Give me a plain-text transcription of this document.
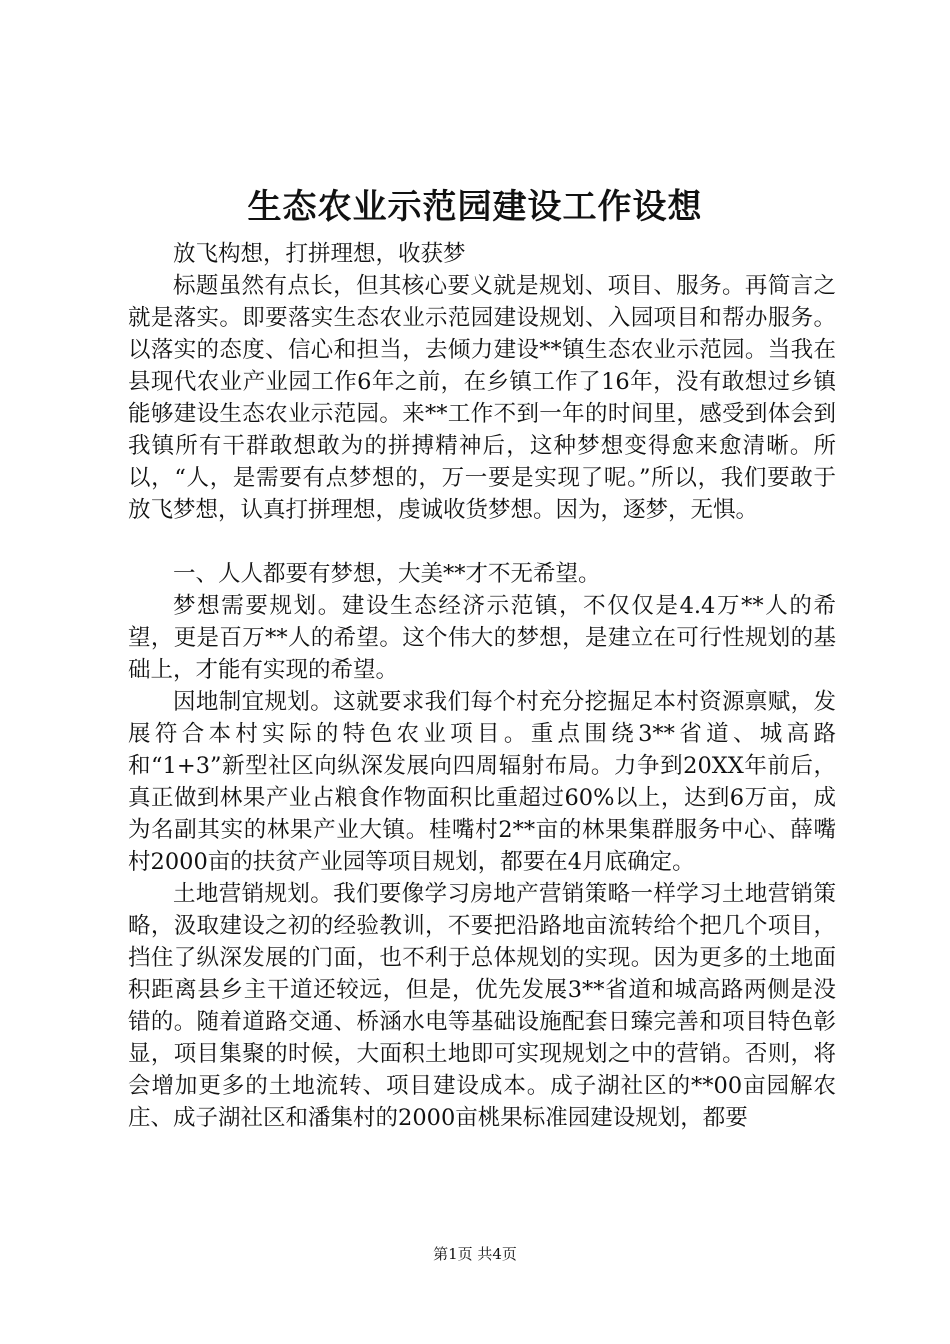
生态农业示范园建设工作设想

放飞构想，打拼理想，收获梦

标题虽然有点长，但其核心要义就是规划、项目、服务。再简言之就是落实。即要落实生态农业示范园建设规划、入园项目和帮办服务。以落实的态度、信心和担当，去倾力建设**镇生态农业示范园。当我在县现代农业产业园工作6年之前，在乡镇工作了16年，没有敢想过乡镇能够建设生态农业示范园。来**工作不到一年的时间里，感受到体会到我镇所有干群敢想敢为的拼搏精神后，这种梦想变得愈来愈清晰。所以，“人，是需要有点梦想的，万一要是实现了呢。”所以，我们要敢于放飞梦想，认真打拼理想，虔诚收货梦想。因为，逐梦，无惧。

一、人人都要有梦想，大美**才不无希望。

梦想需要规划。建设生态经济示范镇，不仅仅是4.4万**人的希望，更是百万**人的希望。这个伟大的梦想，是建立在可行性规划的基础上，才能有实现的希望。

因地制宜规划。这就要求我们每个村充分挖掘足本村资源禀赋，发展符合本村实际的特色农业项目。重点围绕3**省道、城高路和“1+3”新型社区向纵深发展向四周辐射布局。力争到20XX年前后，真正做到林果产业占粮食作物面积比重超过60%以上，达到6万亩，成为名副其实的林果产业大镇。桂嘴村2**亩的林果集群服务中心、薛嘴村2000亩的扶贫产业园等项目规划，都要在4月底确定。

土地营销规划。我们要像学习房地产营销策略一样学习土地营销策略，汲取建设之初的经验教训，不要把沿路地亩流转给个把几个项目，挡住了纵深发展的门面，也不利于总体规划的实现。因为更多的土地面积距离县乡主干道还较远，但是，优先发展3**省道和城高路两侧是没错的。随着道路交通、桥涵水电等基础设施配套日臻完善和项目特色彰显，项目集聚的时候，大面积土地即可实现规划之中的营销。否则，将会增加更多的土地流转、项目建设成本。成子湖社区的**00亩园解农庄、成子湖社区和潘集村的2000亩桃果标准园建设规划，都要

第1页 共4页
